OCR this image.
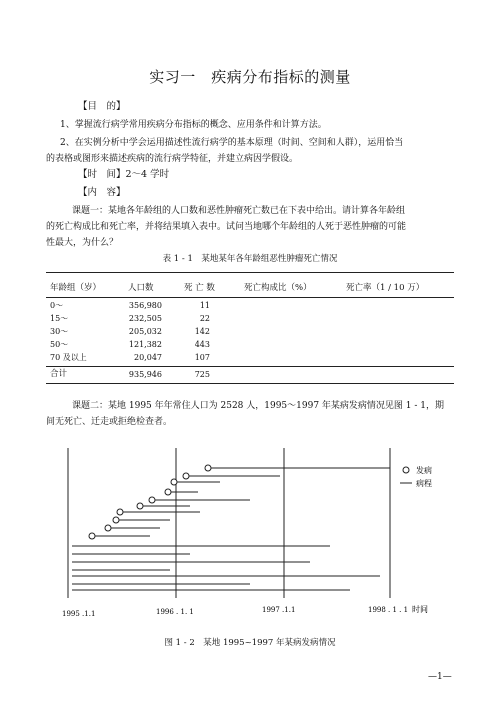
实习一　疾病分布指标的测量
【目　的】
1、掌握流行病学常用疾病分布指标的概念、应用条件和计算方法。
2、在实例分析中学会运用描述性流行病学的基本原理（时间、空间和人群），运用恰当
的表格或图形来描述疾病的流行病学特征，并建立病因学假设。
【时　间】2～4 学时
【内　容】
课题一：某地各年龄组的人口数和恶性肿瘤死亡数已在下表中给出。请计算各年龄组
的死亡构成比和死亡率，并将结果填入表中。试问当地哪个年龄组的人死于恶性肿瘤的可能
性最大，为什么？
表 1 - 1　某地某年各年龄组恶性肿瘤死亡情况
年龄组（岁）	人口数	死 亡 数	死亡构成比（%）	死亡率（1 / 10 万）
0～	356,980	11
15～	232,505	22
30～	205,032	142
50～	121,382	443
70 及以上	20,047	107
合计	935,946	725
课题二：某地 1995 年年常住人口为 2528 人，1995～1997 年某病发病情况见图 1 - 1，期
间无死亡、迁走或拒绝检查者。
发病
病程
1995 .1.1	1996 . 1. 1	1997 .1.1	1998 . 1 . 1 时间
图 1 - 2　某地 1995~1997 年某病发病情况
—1—
